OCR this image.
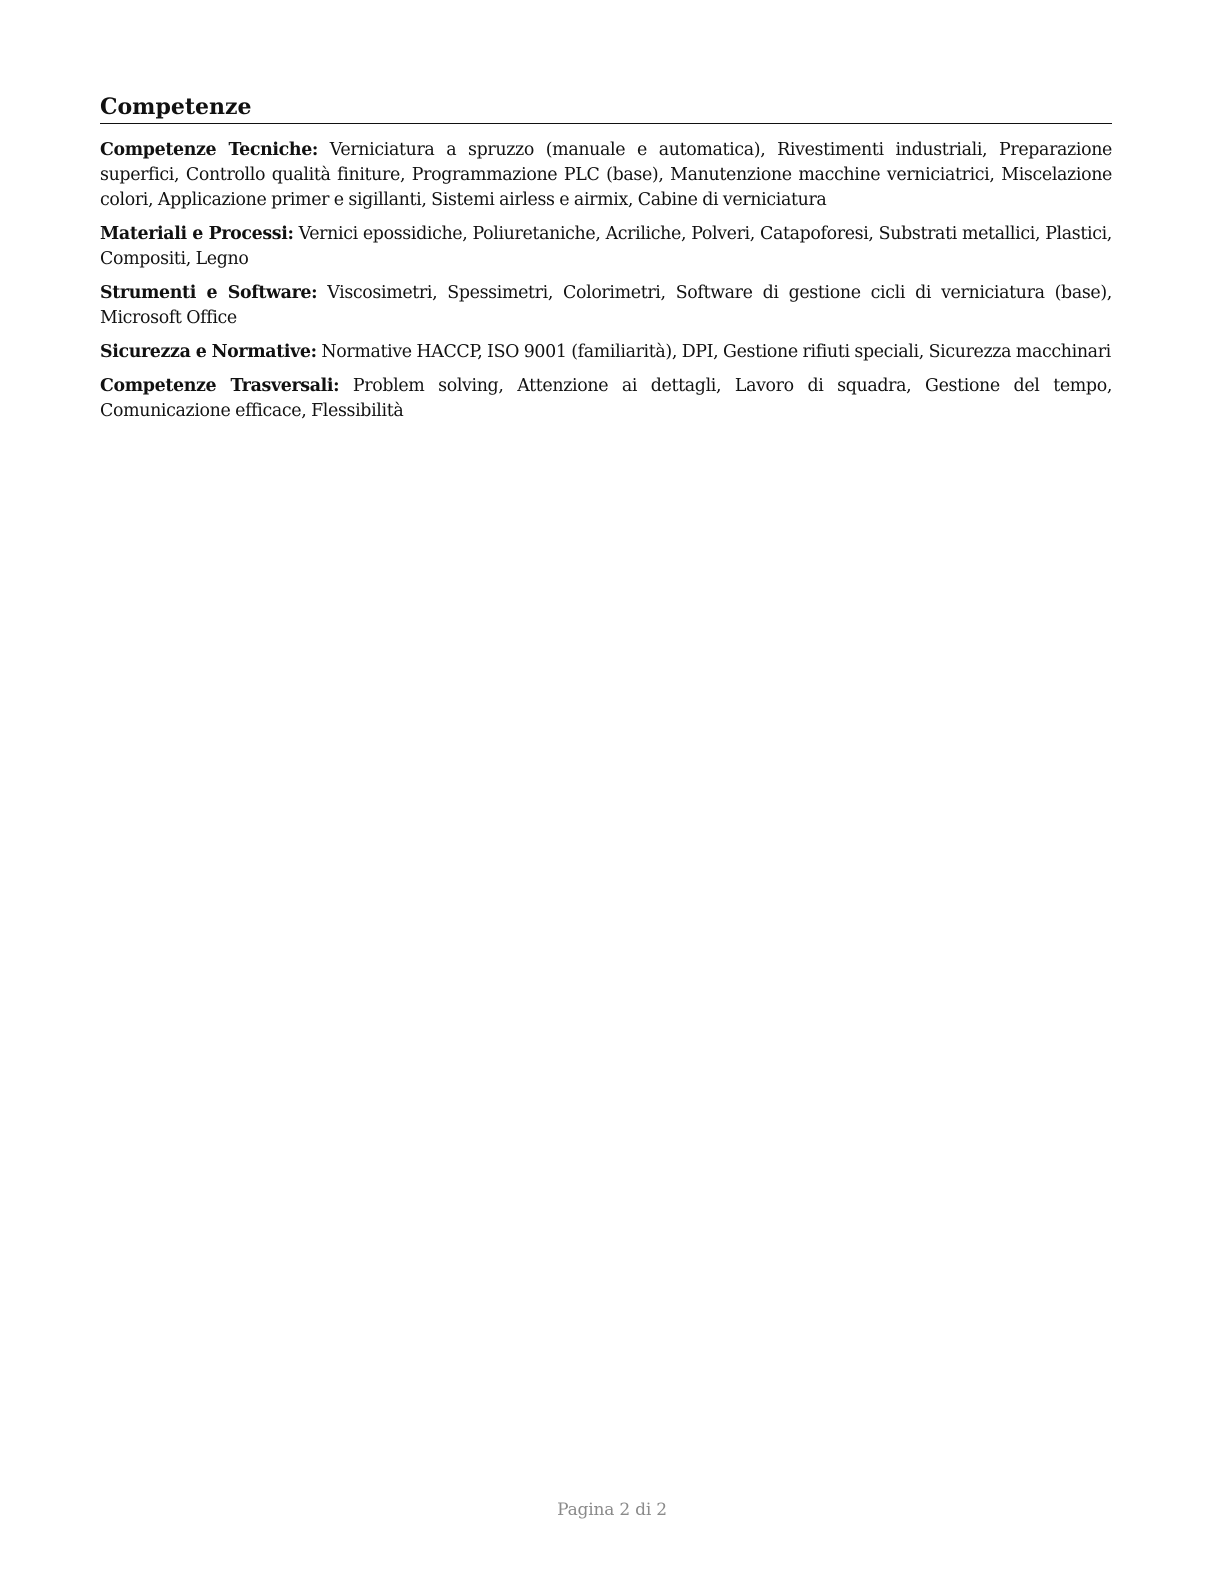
Competenze

Competenze Tecniche: Verniciatura a spruzzo (manuale e automatica), Rivestimenti industriali, Preparazione superfici, Controllo qualità finiture, Programmazione PLC (base), Manutenzione macchine verniciatrici, Miscelazione colori, Applicazione primer e sigillanti, Sistemi airless e airmix, Cabine di verniciatura

Materiali e Processi: Vernici epossidiche, Poliuretaniche, Acriliche, Polveri, Catapoforesi, Substrati metallici, Plastici, Compositi, Legno

Strumenti e Software: Viscosimetri, Spessimetri, Colorimetri, Software di gestione cicli di verniciatura (base), Microsoft Office

Sicurezza e Normative: Normative HACCP, ISO 9001 (familiarità), DPI, Gestione rifiuti speciali, Sicurezza macchinari

Competenze Trasversali: Problem solving, Attenzione ai dettagli, Lavoro di squadra, Gestione del tempo, Comunicazione efficace, Flessibilità

Pagina 2 di 2
